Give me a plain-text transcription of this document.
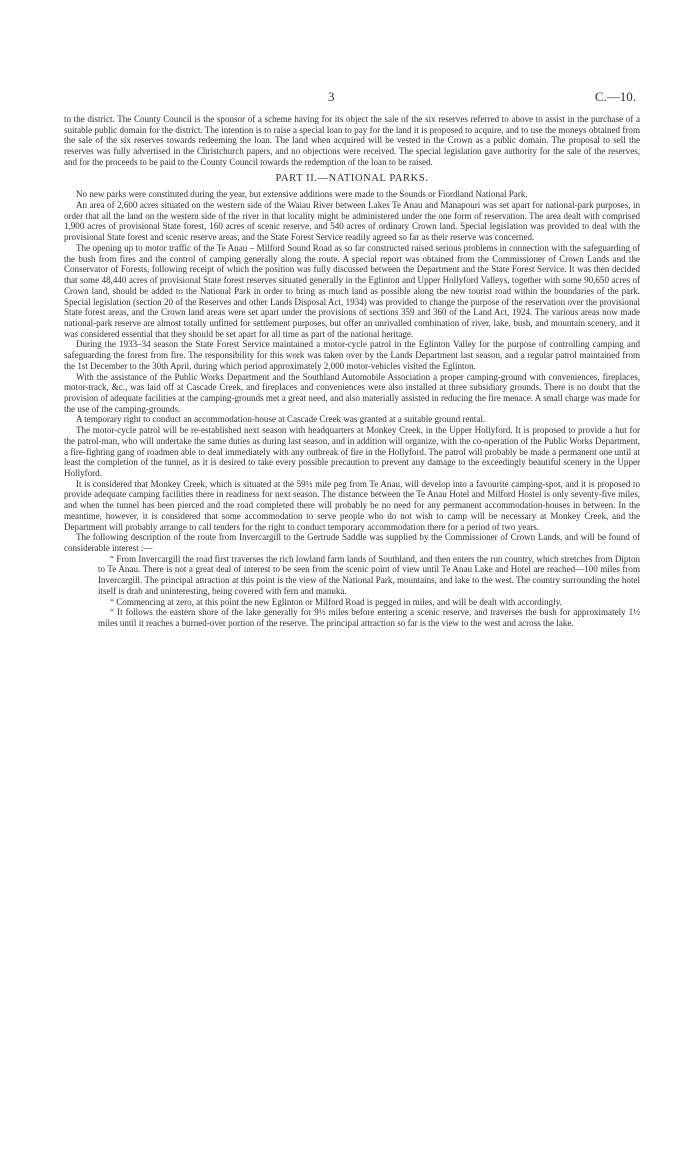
3	C.—10.

to the district. The County Council is the sponsor of a scheme having for its object the sale of the six reserves referred to above to assist in the purchase of a suitable public domain for the district. The intention is to raise a special loan to pay for the land it is proposed to acquire, and to use the moneys obtained from the sale of the six reserves towards redeeming the loan. The land when acquired will be vested in the Crown as a public domain. The proposal to sell the reserves was fully advertised in the Christchurch papers, and no objections were received. The special legislation gave authority for the sale of the reserves, and for the proceeds to be paid to the County Council towards the redemption of the loan to be raised.

PART II.—NATIONAL PARKS.

No new parks were constituted during the year, but extensive additions were made to the Sounds or Fiordland National Park.

An area of 2,600 acres situated on the western side of the Waiau River between Lakes Te Anau and Manapouri was set apart for national-park purposes, in order that all the land on the western side of the river in that locality might be administered under the one form of reservation. The area dealt with comprised 1,900 acres of provisional State forest, 160 acres of scenic reserve, and 540 acres of ordinary Crown land. Special legislation was provided to deal with the provisional State forest and scenic reserve areas, and the State Forest Service readily agreed so far as their reserve was concerned.

The opening up to motor traffic of the Te Anau – Milford Sound Road as so far constructed raised serious problems in connection with the safeguarding of the bush from fires and the control of camping generally along the route. A special report was obtained from the Commissioner of Crown Lands and the Conservator of Forests, following receipt of which the position was fully discussed between the Department and the State Forest Service. It was then decided that some 48,440 acres of provisional State forest reserves situated generally in the Eglinton and Upper Hollyford Valleys, together with some 90,650 acres of Crown land, should be added to the National Park in order to bring as much land as possible along the new tourist road within the boundaries of the park. Special legislation (section 20 of the Reserves and other Lands Disposal Act, 1934) was provided to change the purpose of the reservation over the provisional State forest areas, and the Crown land areas were set apart under the provisions of sections 359 and 360 of the Land Act, 1924. The various areas now made national-park reserve are almost totally unfitted for settlement purposes, but offer an unrivalled combination of river, lake, bush, and mountain scenery, and it was considered essential that they should be set apart for all time as part of the national heritage.

During the 1933–34 season the State Forest Service maintained a motor-cycle patrol in the Eglinton Valley for the purpose of controlling camping and safeguarding the forest from fire. The responsibility for this work was taken over by the Lands Department last season, and a regular patrol maintained from the 1st December to the 30th April, during which period approximately 2,000 motor-vehicles visited the Eglinton.

With the assistance of the Public Works Department and the Southland Automobile Association a proper camping-ground with conveniences, fireplaces, motor-track, &c., was laid off at Cascade Creek, and fireplaces and conveniences were also installed at three subsidiary grounds. There is no doubt that the provision of adequate facilities at the camping-grounds met a great need, and also materially assisted in reducing the fire menace. A small charge was made for the use of the camping-grounds.

A temporary right to conduct an accommodation-house at Cascade Creek was granted at a suitable ground rental.

The motor-cycle patrol will be re-established next season with headquarters at Monkey Creek, in the Upper Hollyford. It is proposed to provide a hut for the patrol-man, who will undertake the same duties as during last season, and in addition will organize, with the co-operation of the Public Works Department, a fire-fighting gang of roadmen able to deal immediately with any outbreak of fire in the Hollyford. The patrol will probably be made a permanent one until at least the completion of the tunnel, as it is desired to take every possible precaution to prevent any damage to the exceedingly beautiful scenery in the Upper Hollyford.

It is considered that Monkey Creek, which is situated at the 59½ mile peg from Te Anau, will develop into a favourite camping-spot, and it is proposed to provide adequate camping facilities there in readiness for next season. The distance between the Te Anau Hotel and Milford Hostel is only seventy-five miles, and when the tunnel has been pierced and the road completed there will probably be no need for any permanent accommodation-houses in between. In the meantime, however, it is considered that some accommodation to serve people who do not wish to camp will be necessary at Monkey Creek, and the Department will probably arrange to call tenders for the right to conduct temporary accommodation there for a period of two years.

The following description of the route from Invercargill to the Gertrude Saddle was supplied by the Commissioner of Crown Lands, and will be found of considerable interest :—

“ From Invercargill the road first traverses the rich lowland farm lands of Southland, and then enters the run country, which stretches from Dipton to Te Anau. There is not a great deal of interest to be seen from the scenic point of view until Te Anau Lake and Hotel are reached—100 miles from Invercargill. The principal attraction at this point is the view of the National Park, mountains, and lake to the west. The country surrounding the hotel itself is drab and uninteresting, being covered with fern and manuka.

“ Commencing at zero, at this point the new Eglinton or Milford Road is pegged in miles, and will be dealt with accordingly.

“ It follows the eastern shore of the lake generally for 9½ miles before entering a scenic reserve, and traverses the bush for approximately 1½ miles until it reaches a burned-over portion of the reserve. The principal attraction so far is the view to the west and across the lake.
